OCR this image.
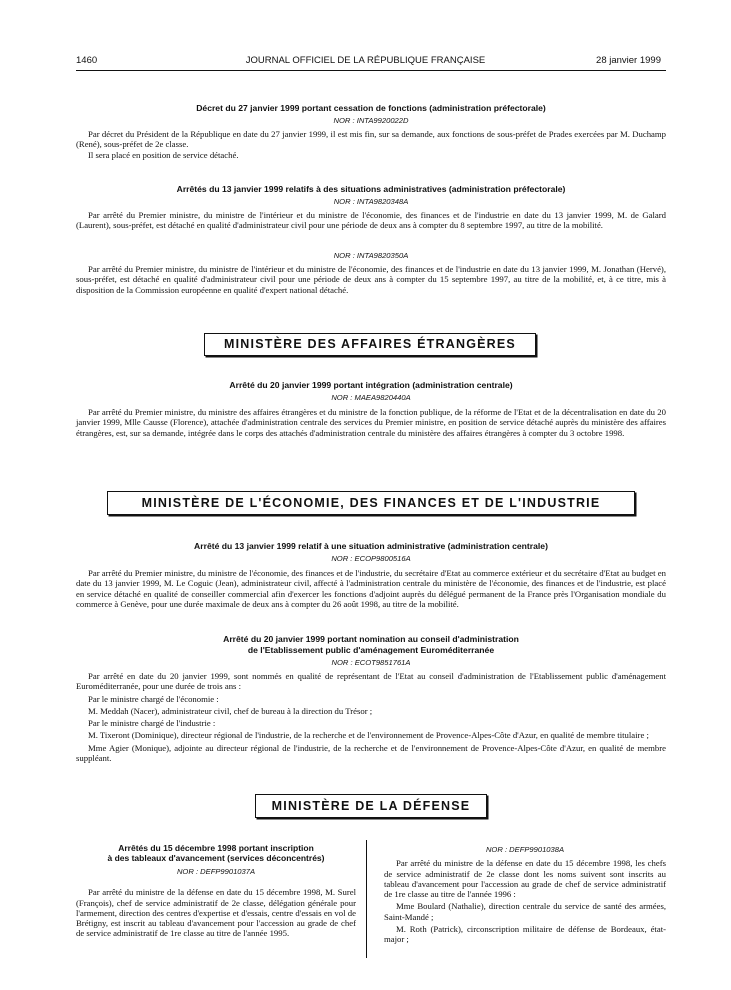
1460	JOURNAL OFFICIEL DE LA RÉPUBLIQUE FRANÇAISE	28 janvier 1999
Décret du 27 janvier 1999 portant cessation de fonctions (administration préfectorale)
NOR : INTA9920022D

Par décret du Président de la République en date du 27 janvier 1999, il est mis fin, sur sa demande, aux fonctions de sous-préfet de Prades exercées par M. Duchamp (René), sous-préfet de 2e classe.

Il sera placé en position de service détaché.

Arrêtés du 13 janvier 1999 relatifs à des situations administratives (administration préfectorale)
NOR : INTA9820348A

Par arrêté du Premier ministre, du ministre de l'intérieur et du ministre de l'économie, des finances et de l'industrie en date du 13 janvier 1999, M. de Galard (Laurent), sous-préfet, est détaché en qualité d'administrateur civil pour une période de deux ans à compter du 8 septembre 1997, au titre de la mobilité.

NOR : INTA9820350A

Par arrêté du Premier ministre, du ministre de l'intérieur et du ministre de l'économie, des finances et de l'industrie en date du 13 janvier 1999, M. Jonathan (Hervé), sous-préfet, est détaché en qualité d'administrateur civil pour une période de deux ans à compter du 15 septembre 1997, au titre de la mobilité, et, à ce titre, mis à disposition de la Commission européenne en qualité d'expert national détaché.

MINISTÈRE DES AFFAIRES ÉTRANGÈRES
Arrêté du 20 janvier 1999 portant intégration (administration centrale)
NOR : MAEA9820440A

Par arrêté du Premier ministre, du ministre des affaires étrangères et du ministre de la fonction publique, de la réforme de l'Etat et de la décentralisation en date du 20 janvier 1999, Mlle Causse (Florence), attachée d'administration centrale des services du Premier ministre, en position de service détaché auprès du ministère des affaires étrangères, est, sur sa demande, intégrée dans le corps des attachés d'administration centrale du ministère des affaires étrangères à compter du 3 octobre 1998.

MINISTÈRE DE L'ÉCONOMIE, DES FINANCES ET DE L'INDUSTRIE
Arrêté du 13 janvier 1999 relatif à une situation administrative (administration centrale)
NOR : ECOP9800516A

Par arrêté du Premier ministre, du ministre de l'économie, des finances et de l'industrie, du secrétaire d'Etat au commerce extérieur et du secrétaire d'Etat au budget en date du 13 janvier 1999, M. Le Coguic (Jean), administrateur civil, affecté à l'administration centrale du ministère de l'économie, des finances et de l'industrie, est placé en service détaché en qualité de conseiller commercial afin d'exercer les fonctions d'adjoint auprès du délégué permanent de la France près l'Organisation mondiale du commerce à Genève, pour une durée maximale de deux ans à compter du 26 août 1998, au titre de la mobilité.

Arrêté du 20 janvier 1999 portant nomination au conseil d'administration
de l'Etablissement public d'aménagement Euroméditerranée
NOR : ECOT9851761A

Par arrêté en date du 20 janvier 1999, sont nommés en qualité de représentant de l'Etat au conseil d'administration de l'Etablissement public d'aménagement Euroméditerranée, pour une durée de trois ans :

Par le ministre chargé de l'économie :

M. Meddah (Nacer), administrateur civil, chef de bureau à la direction du Trésor ;

Par le ministre chargé de l'industrie :

M. Tixeront (Dominique), directeur régional de l'industrie, de la recherche et de l'environnement de Provence-Alpes-Côte d'Azur, en qualité de membre titulaire ;

Mme Agier (Monique), adjointe au directeur régional de l'industrie, de la recherche et de l'environnement de Provence-Alpes-Côte d'Azur, en qualité de membre suppléant.

MINISTÈRE DE LA DÉFENSE
Arrêtés du 15 décembre 1998 portant inscription
à des tableaux d'avancement (services déconcentrés)
NOR : DEFP9901037A

Par arrêté du ministre de la défense en date du 15 décembre 1998, M. Surel (François), chef de service administratif de 2e classe, délégation générale pour l'armement, direction des centres d'expertise et d'essais, centre d'essais en vol de Brétigny, est inscrit au tableau d'avancement pour l'accession au grade de chef de service administratif de 1re classe au titre de l'année 1995.

NOR : DEFP9901038A

Par arrêté du ministre de la défense en date du 15 décembre 1998, les chefs de service administratif de 2e classe dont les noms suivent sont inscrits au tableau d'avancement pour l'accession au grade de chef de service administratif de 1re classe au titre de l'année 1996 :

Mme Boulard (Nathalie), direction centrale du service de santé des armées, Saint-Mandé ;

M. Roth (Patrick), circonscription militaire de défense de Bordeaux, état-major ;
